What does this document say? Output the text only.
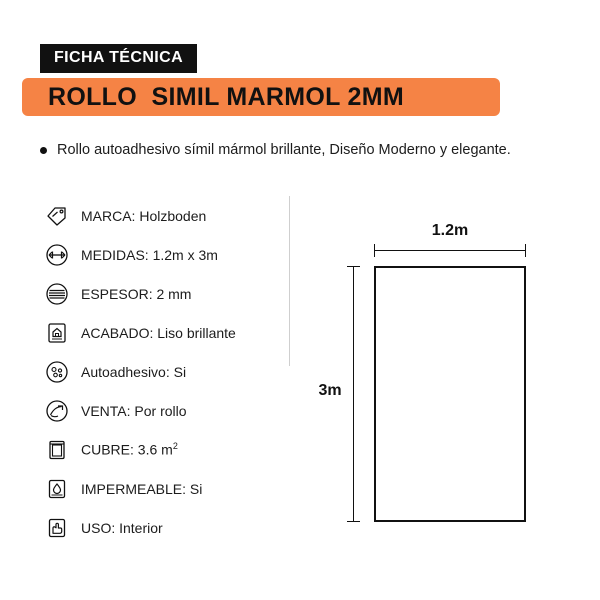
FICHA TÉCNICA
ROLLO  SIMIL MARMOL 2MM
Rollo autoadhesivo símil mármol brillante, Diseño Moderno y elegante.
MARCA: Holzboden
MEDIDAS: 1.2m x 3m
ESPESOR: 2 mm
ACABADO: Liso brillante
Autoadhesivo: Si
VENTA: Por rollo
CUBRE: 3.6 $m^2$
IMPERMEABLE: Si
USO: Interior
1.2m
3m
